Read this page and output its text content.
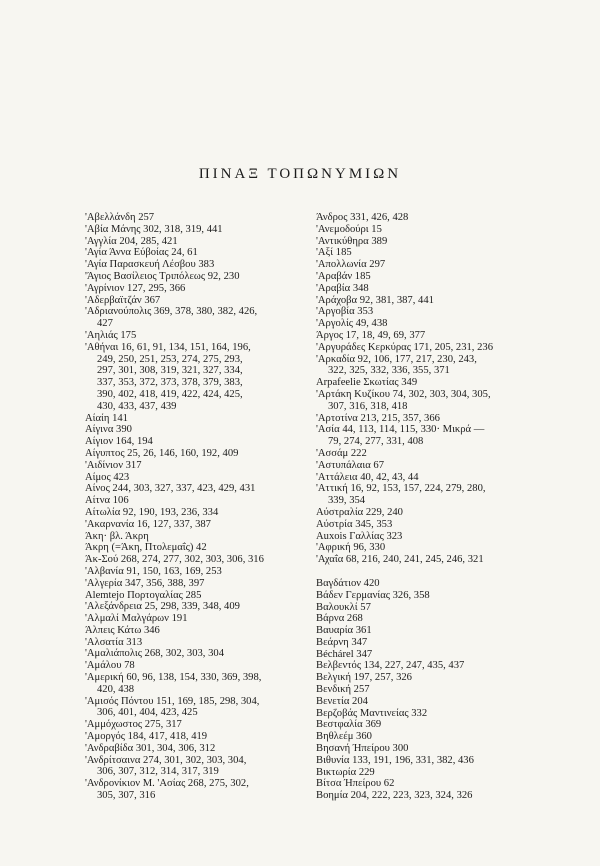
ΠΙΝΑΞ ΤΟΠΩΝΥΜΙΩΝ
'Αβελλάνδη 257
'Αβία Μάνης 302, 318, 319, 441
'Αγγλία 204, 285, 421
'Αγία Άννα Εύβοίας 24, 61
'Αγία Παρασκευή Λέσβου 383
'Άγιος Βασίλειος Τριπόλεως 92, 230
'Αγρίνιον 127, 295, 366
'Αδερβαϊτζάν 367
'Αδριανούπολις 369, 378, 380, 382, 426,
427
'Αηλιάς 175
'Αθήναι 16, 61, 91, 134, 151, 164, 196,
249, 250, 251, 253, 274, 275, 293,
297, 301, 308, 319, 321, 327, 334,
337, 353, 372, 373, 378, 379, 383,
390, 402, 418, 419, 422, 424, 425,
430, 433, 437, 439
Αίαίη 141
Αίγινα 390
Αίγιον 164, 194
Αίγυπτος 25, 26, 146, 160, 192, 409
'Αιδίνιον 317
Αίμος 423
Αίνος 244, 303, 327, 337, 423, 429, 431
Αίτνα 106
Αίτωλία 92, 190, 193, 236, 334
'Ακαρνανία 16, 127, 337, 387
Άκη· βλ. Άκρη
Άκρη (=Άκη, Πτολεμαΐς) 42
Άκ-Σού 268, 274, 277, 302, 303, 306, 316
'Αλβανία 91, 150, 163, 169, 253
'Αλγερία 347, 356, 388, 397
Alemtejo Πορτογαλίας 285
'Αλεξάνδρεια 25, 298, 339, 348, 409
'Αλμαλί Μαλγάρων 191
Άλπεις Κάτω 346
'Αλσατία 313
'Αμαλιάπολις 268, 302, 303, 304
'Αμάλου 78
'Αμερική 60, 96, 138, 154, 330, 369, 398,
420, 438
'Αμισός Πόντου 151, 169, 185, 298, 304,
306, 401, 404, 423, 425
'Αμμόχωστος 275, 317
'Αμοργός 184, 417, 418, 419
'Ανδραβίδα 301, 304, 306, 312
'Ανδρίτσαινα 274, 301, 302, 303, 304,
306, 307, 312, 314, 317, 319
'Ανδρονίκιον Μ. 'Ασίας 268, 275, 302,
305, 307, 316
Άνδρος 331, 426, 428
'Ανεμοδούρι 15
'Αντικύθηρα 389
'Αξί 185
'Απολλωνία 297
'Αραβάν 185
'Αραβία 348
'Αράχοβα 92, 381, 387, 441
'Αργοβία 353
'Αργολίς 49, 438
Άργος 17, 18, 49, 69, 377
'Αργυράδες Κερκύρας 171, 205, 231, 236
'Αρκαδία 92, 106, 177, 217, 230, 243,
322, 325, 332, 336, 355, 371
Arpafeelie Σκωτίας 349
'Αρτάκη Κυζίκου 74, 302, 303, 304, 305,
307, 316, 318, 418
'Αρτοτίνα 213, 215, 357, 366
'Ασία 44, 113, 114, 115, 330· Μικρά —
79, 274, 277, 331, 408
'Ασσάμ 222
'Αστυπάλαια 67
'Αττάλεια 40, 42, 43, 44
'Αττική 16, 92, 153, 157, 224, 279, 280,
339, 354
Αύστραλία 229, 240
Αύστρία 345, 353
Auxois Γαλλίας 323
'Αφρική 96, 330
'Αχαΐα 68, 216, 240, 241, 245, 246, 321
Βαγδάτιον 420
Βάδεν Γερμανίας 326, 358
Βαλουκλί 57
Βάρνα 268
Βαυαρία 361
Βεάρνη 347
Béchárel 347
Βελβεντός 134, 227, 247, 435, 437
Βελγική 197, 257, 326
Βενδική 257
Βενετία 204
Βερζοβάς Μαντινείας 332
Βεστφαλία 369
Βηθλεέμ 360
Βησανή Ήπείρου 300
Βιθυνία 133, 191, 196, 331, 382, 436
Βικτωρία 229
Βίτσα Ήπείρου 62
Βοημία 204, 222, 223, 323, 324, 326
